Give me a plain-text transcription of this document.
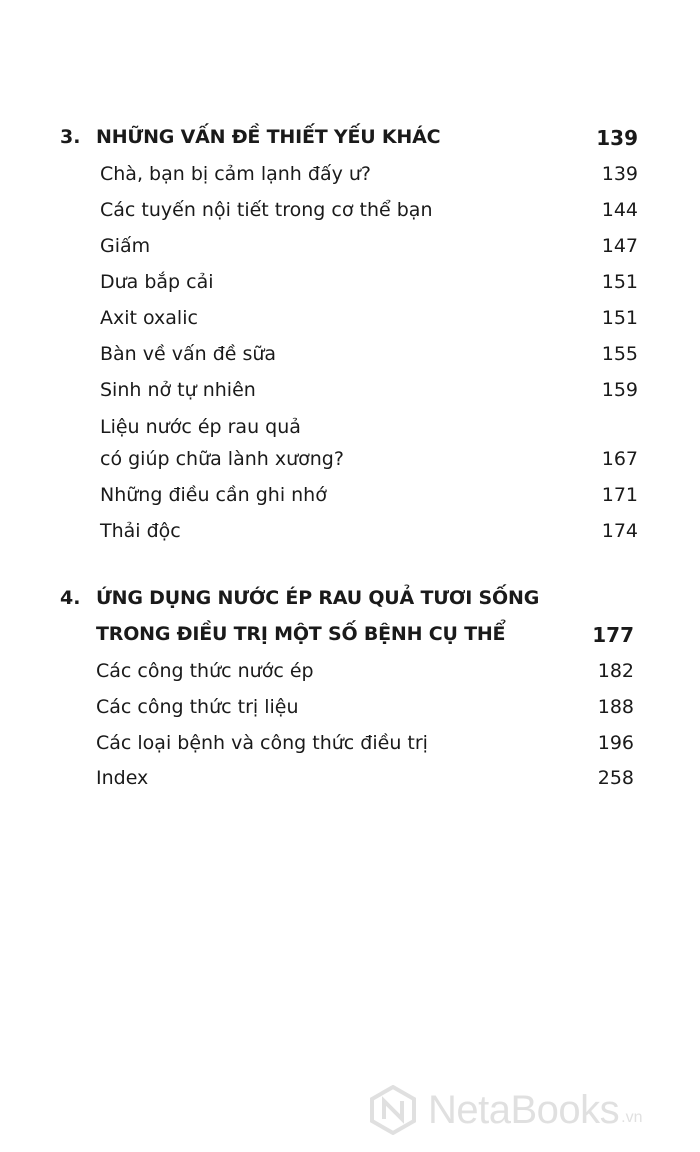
3. NHỮNG VẤN ĐỀ THIẾT YẾU KHÁC	139
Chà, bạn bị cảm lạnh đấy ư?	139
Các tuyến nội tiết trong cơ thể bạn	144
Giấm	147
Dưa bắp cải	151
Axit oxalic	151
Bàn về vấn đề sữa	155
Sinh nở tự nhiên	159
Liệu nước ép rau quả
có giúp chữa lành xương?	167
Những điều cần ghi nhớ	171
Thải độc	174
4. ỨNG DỤNG NƯỚC ÉP RAU QUẢ TƯƠI SỐNG
TRONG ĐIỀU TRỊ MỘT SỐ BỆNH CỤ THỂ	177
Các công thức nước ép	182
Các công thức trị liệu	188
Các loại bệnh và công thức điều trị	196
Index	258
NetaBooks .vn
